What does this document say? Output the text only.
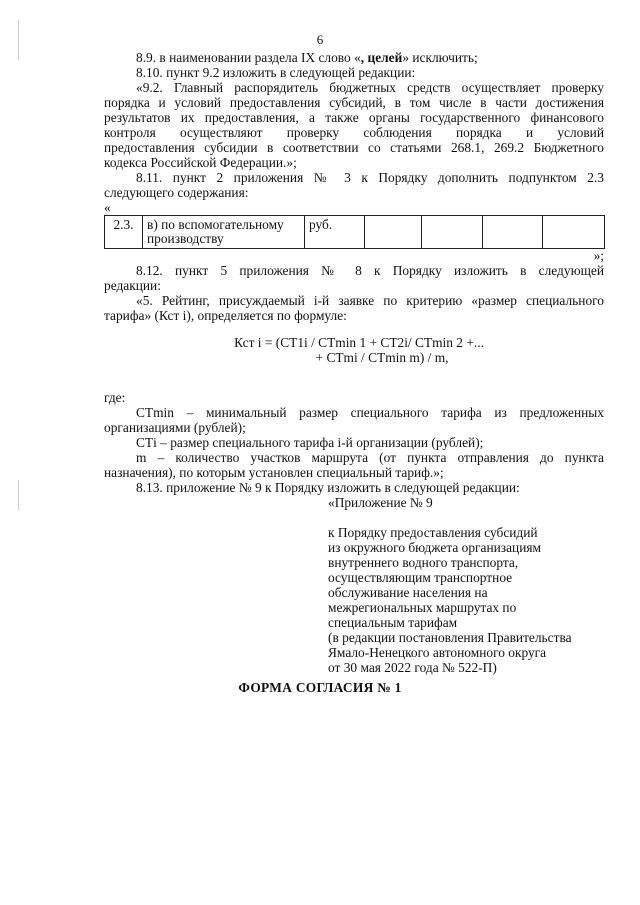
6

8.9. в наименовании раздела IX слово «, целей» исключить;

8.10. пункт 9.2 изложить в следующей редакции:

«9.2. Главный распорядитель бюджетных средств осуществляет проверку

порядка и условий предоставления субсидий, в том числе в части достижения

результатов их предоставления, а также органы государственного финансового

контроля осуществляют проверку соблюдения порядка и условий

предоставления субсидии в соответствии со статьями 268.1, 269.2 Бюджетного

кодекса Российской Федерации.»;

8.11. пункт 2 приложения № 3 к Порядку дополнить подпунктом 2.3

следующего содержания:

«
2.3.	в) по вспомогательному производству	руб.				
»;

8.12. пункт 5 приложения № 8 к Порядку изложить в следующей

редакции:

«5. Рейтинг, присуждаемый i-й заявке по критерию «размер специального

тарифа» (Кст i), определяется по формуле:

Кст i = (СТ1i / СТmin 1 + СТ2i/ СТmin 2 +...
+ СТmi / СТmin m) / m,

где:

СТmin – минимальный размер специального тарифа из предложенных

организациями (рублей);

СТi – размер специального тарифа i-й организации (рублей);

m – количество участков маршрута (от пункта отправления до пункта

назначения), по которым установлен специальный тариф.»;

8.13. приложение № 9 к Порядку изложить в следующей редакции:

«Приложение № 9

к Порядку предоставления субсидий

из окружного бюджета организациям

внутреннего водного транспорта,

осуществляющим транспортное

обслуживание населения на

межрегиональных маршрутах по

специальным тарифам

(в редакции постановления Правительства

Ямало-Ненецкого автономного округа

от 30 мая 2022 года № 522-П)

ФОРМА СОГЛАСИЯ № 1
